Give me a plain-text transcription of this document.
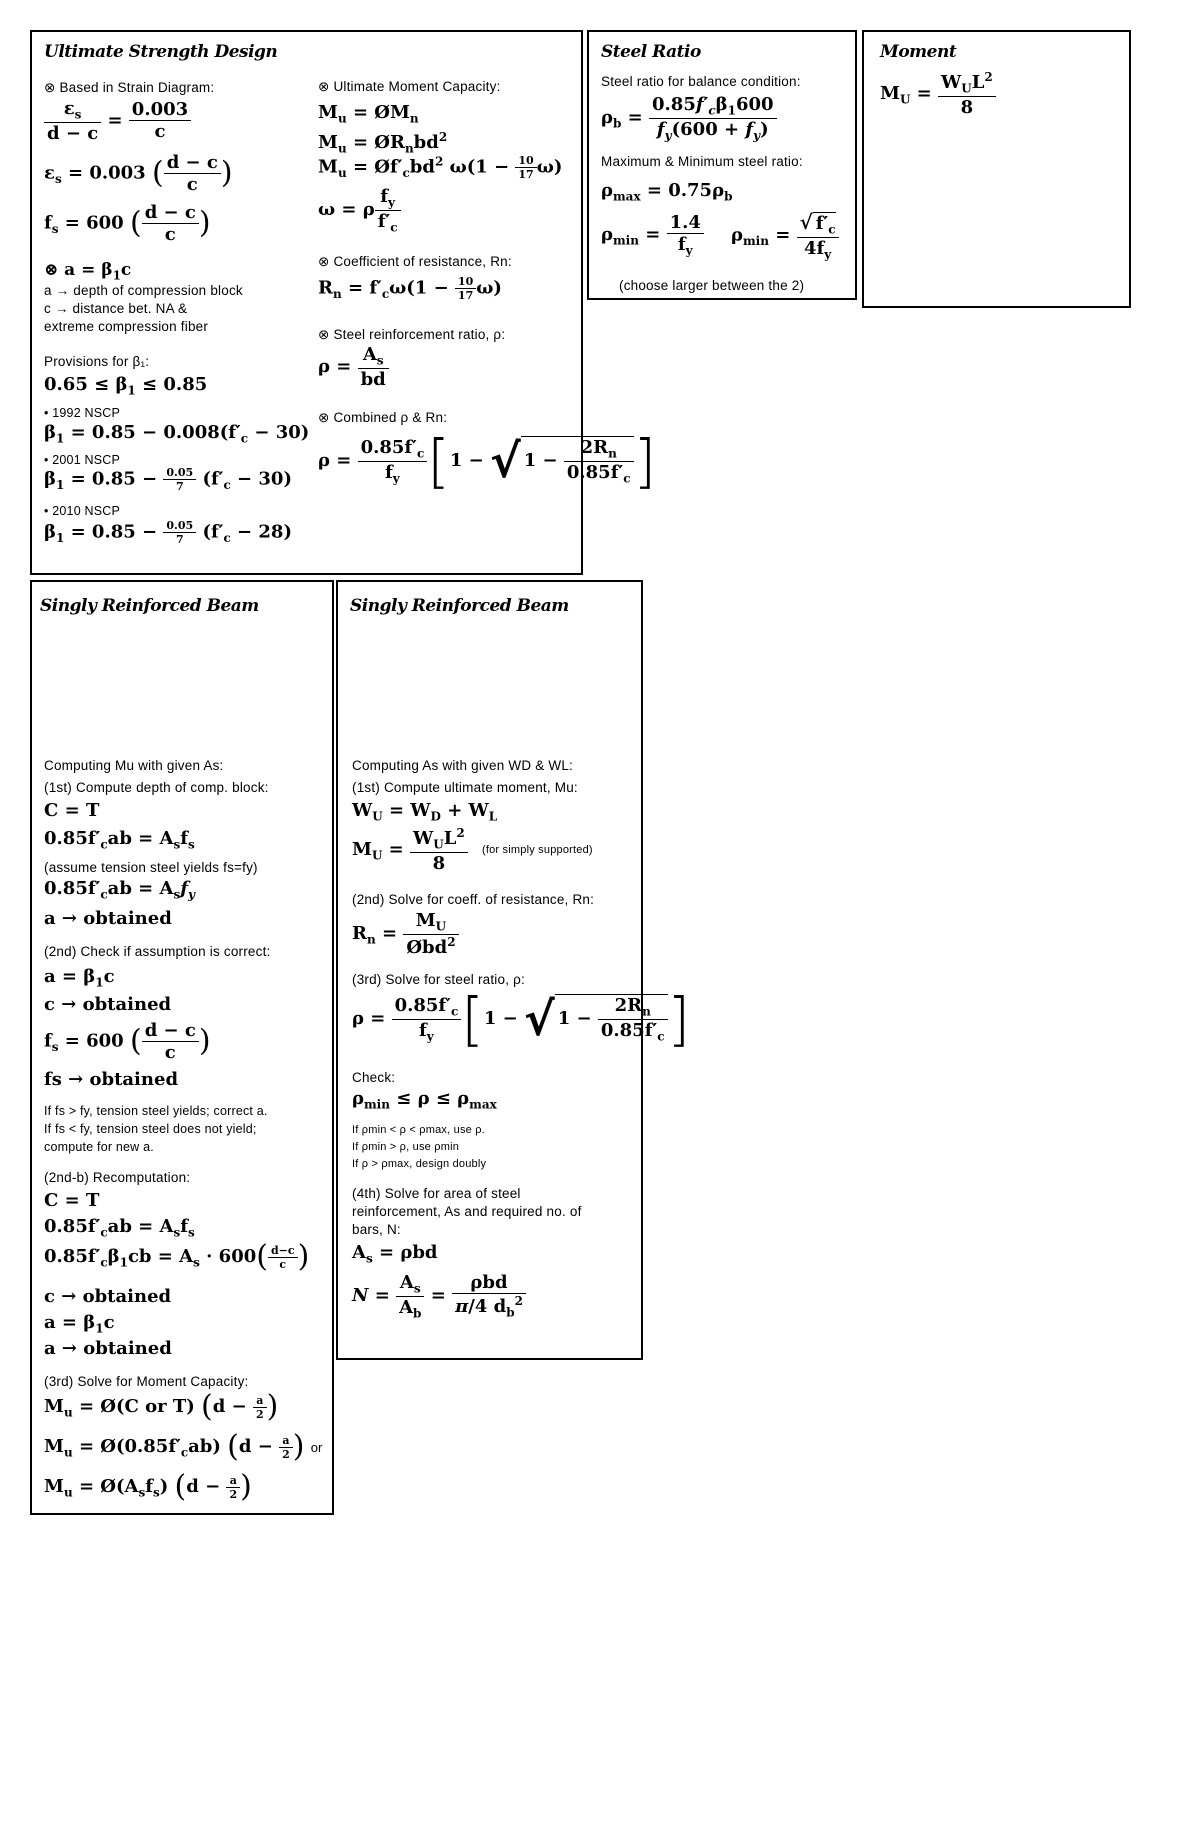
Ultimate Strength Design
⊗ Based in Strain Diagram:
$\frac{\varepsilon_s}{d - c} = \frac{0.003}{c}$
$\varepsilon_s = 0.003$ ( $\frac{d - c}{c}$ )
$f_s = 600$ ( $\frac{d - c}{c}$ )
⊗ $a = \beta_1c$
a → depth of compression block
c → distance bet. NA &
extreme compression fiber
Provisions for β₁:
$0.65 \le \beta_1 \le 0.85$
• 1992 NSCP
$\beta_1 = 0.85 - 0.008(f'_c - 30)$
• 2001 NSCP
$\beta_1 = 0.85 - \frac{0.05}{7} (f'_c - 30)$
• 2010 NSCP
$\beta_1 = 0.85 - \frac{0.05}{7} (f'_c - 28)$
⊗ Ultimate Moment Capacity:
$M_u$ = $ØM_n$
$M_u$ = $ØR_nbd^2$
$M_u$ = $Øf'_cbd^2$ $\omega(1 - \frac{10}{17} \omega)$
ω = ρ $\frac{f_y}{f'_c}$
⊗ Coefficient of resistance, Rn:
$R_n = f'_c\omega(1 - \frac{10}{17} \omega)$
⊗ Steel reinforcement ratio, ρ:
$\rho = \frac{A_s}{bd}$
⊗ Combined ρ & Rn:
$\rho = \frac{0.85f'_c}{f_y} [1$ − √ $1 - \frac{2R_n}{0.85f'_c}$ ]
Steel Ratio
Steel ratio for balance condition:
$\rho_b = \frac{0.85f'_c\beta_1600}{f_y(600 + f_y)}$
Maximum & Minimum steel ratio:
$\rho_{max} = 0.75\rho_b$
$\rho_{min} = \frac{1.4}{f_y} \rho_{min} = \frac{√ f'_c}{4f_y}$
(choose larger between the 2)
Moment
$M_U = \frac{W_UL^2}{8}$
Singly Reinforced Beam
Computing Mu with given As:
(1st) Compute depth of comp. block:
C = T
$0.85f'_cab = A_sf_s$
(assume tension steel yields fs=fy)
$0.85f'_cab = A_sf_y$
a → obtained
(2nd) Check if assumption is correct:
$a = \beta_1c$
c → obtained
$f_s = 600$ ( $\frac{d - c}{c}$ )
fs → obtained
If fs > fy, tension steel yields; correct a.
If fs < fy, tension steel does not yield;
compute for new a.
(2nd-b) Recomputation:
C = T
$0.85f'_cab = A_sf_s$
$0.85f'_c\beta_1cb = A_s \cdot 600( \frac{d-c}{c}$ )
c → obtained
$a = \beta_1c$
a → obtained
(3rd) Solve for Moment Capacity:
$M_u$ = Ø(C or T) ($d - \frac{a}{2}$ )
$M_u$ = $Ø(0.85f'_cab) (d - \frac{a}{2}$ ) or
$M_u$ = $Ø(A_sf_s) (d - \frac{a}{2}$ )
Singly Reinforced Beam
Computing As with given WD & WL:
(1st) Compute ultimate moment, Mu:
$W_U = W_D + W_L$
$M_U = \frac{W_UL^2}{8} (for$ simply supported)
(2nd) Solve for coeff. of resistance, Rn:
$R_n = \frac{M_U}{Øbd^2}$
(3rd) Solve for steel ratio, ρ:
$\rho = \frac{0.85f'_c}{f_y} [1$ − √ $1 - \frac{2R_n}{0.85f'_c}$ ]
Check:
$\rho_{min} \le \rho \le \rho_{max}$
If ρmin < ρ < ρmax, use ρ.
If ρmin > ρ, use ρmin
If ρ > ρmax, design doubly
(4th) Solve for area of steel
reinforcement, As and required no. of
bars, N:
$A_s = \rho bd$
$N = \frac{A_s}{A_b} = \frac{\text{ρbd}}{\pi/4 d_b^2}$
